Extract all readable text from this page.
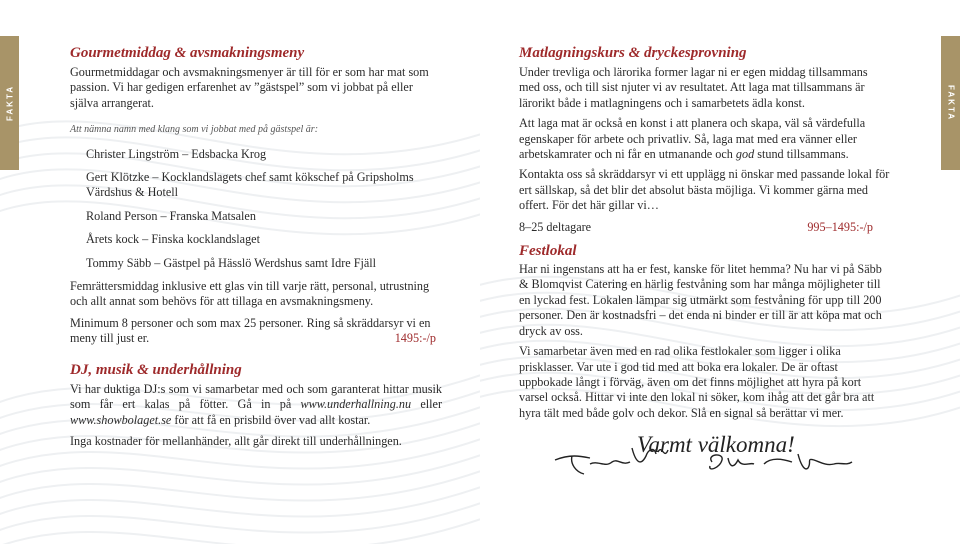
FAKTA
Gourmetmiddag & avsmakningsmeny

Gourmetmiddagar och avsmakningsmenyer är till för er som har mat som passion. Vi har gedigen erfarenhet av ”gästspel” som vi jobbat på eller själva arrangerat.

Att nämna namn med klang som vi jobbat med på gästspel är:

Christer Lingström – Edsbacka Krog

Gert Klötzke – Kocklandslagets chef samt kökschef på Gripsholms Värdshus & Hotell

Roland Person – Franska Matsalen

Årets kock – Finska kocklandslaget

Tommy Säbb – Gästpel på Hässlö Werdshus samt Idre Fjäll

Femrättersmiddag inklusive ett glas vin till varje rätt, personal, utrustning och allt annat som behövs för att tillaga en avsmakningsmeny.

Minimum 8 personer och som max 25 personer. Ring så skräddarsyr vi en meny till just er.	1495:-/p

DJ, musik & underhållning

Vi har duktiga DJ:s som vi samarbetar med och som garanterat hittar musik som får ert kalas på fötter. Gå in på www.underhallning.nu eller www.showbolaget.se för att få en prisbild över vad allt kostar.

Inga kostnader för mellanhänder, allt går direkt till underhållningen.

FAKTA
Matlagningskurs & dryckesprovning

Under trevliga och lärorika former lagar ni er egen middag tillsammans med oss, och till sist njuter vi av resultatet. Att laga mat tillsammans är lärorikt både i matlagningens och i samarbetets ädla konst.

Att laga mat är också en konst i att planera och skapa, väl så värdefulla egenskaper för arbete och privatliv. Så, laga mat med era vänner eller arbetskamrater och ni får en utmanande och god stund tillsammans.

Kontakta oss så skräddarsyr vi ett upplägg ni önskar med passande lokal för ert sällskap, så det blir det absolut bästa möjliga. Vi kommer gärna med offert. För det här gillar vi…

8–25 deltagare	995–1495:-/p

Festlokal

Har ni ingenstans att ha er fest, kanske för litet hemma? Nu har vi på Säbb & Blomqvist Catering en härlig festvåning som har många möjligheter till en lyckad fest. Lokalen lämpar sig utmärkt som festvåning för upp till 200 personer. Den är kostnadsfri – det enda ni binder er till är att köpa mat och dryck av oss.

Vi samarbetar även med en rad olika festlokaler som ligger i olika prisklasser. Var ute i god tid med att boka era lokaler. De är oftast uppbokade långt i förväg, även om det finns möjlighet att hyra på kort varsel också. Hittar vi inte den lokal ni söker, kom ihåg att det går bra att hyra tält med både golv och dekor. Slå en signal så berättar vi mer.

Varmt välkomna!
